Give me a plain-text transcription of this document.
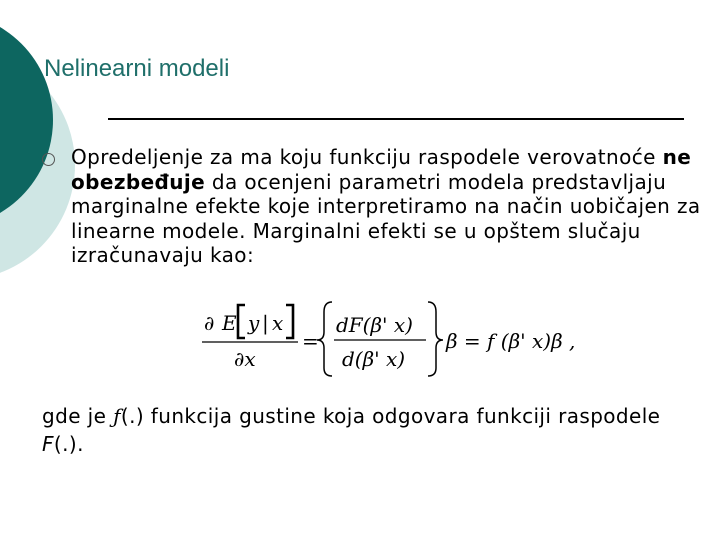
Nelinearni modeli
Opredeljenje za ma koju funkciju raspodele verovatnoće ne obezbeđuje da ocenjeni parametri modela predstavljaju marginalne efekte koje interpretiramo na način uobičajen za linearne modele. Marginalni efekti se u opštem slučaju izračunavaju kao:
∂ E y | x
∂x
=
dF(β' x)
d(β' x)
β = f (β' x)β ,
gde je ƒ(.) funkcija gustine koja odgovara funkciji raspodele F(.).
